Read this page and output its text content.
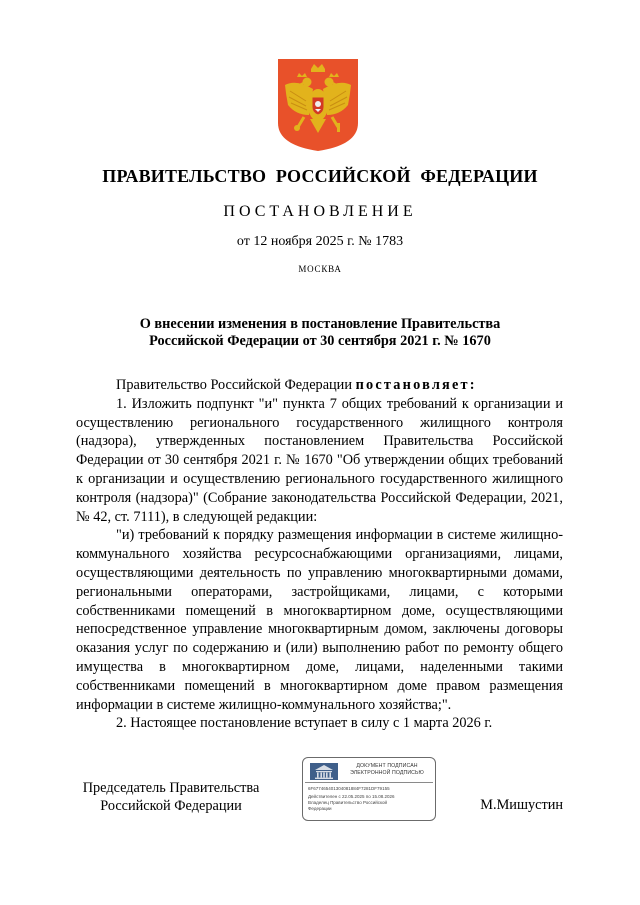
ПРАВИТЕЛЬСТВО РОССИЙСКОЙ ФЕДЕРАЦИИ
ПОСТАНОВЛЕНИЕ
от 12 ноября 2025 г. № 1783
МОСКВА
О внесении изменения в постановление Правительства
Российской Федерации от 30 сентября 2021 г. № 1670

Правительство Российской Федерации постановляет:

1. Изложить подпункт "и" пункта 7 общих требований к организации и осуществлению регионального государственного жилищного контроля (надзора), утвержденных постановлением Правительства Российской Федерации от 30 сентября 2021 г. № 1670 "Об утверждении общих требований к организации и осуществлению регионального государственного жилищного контроля (надзора)" (Собрание законодательства Российской Федерации, 2021, № 42, ст. 7111), в следующей редакции:

"и) требований к порядку размещения информации в системе жилищно-коммунального хозяйства ресурсоснабжающими организациями, лицами, осуществляющими деятельность по управлению многоквартирными домами, региональными операторами, застройщиками, лицами, с которыми собственниками помещений в многоквартирном доме, осуществляющими непосредственное управление многоквартирным домом, заключены договоры оказания услуг по содержанию и (или) выполнению работ по ремонту общего имущества в многоквартирном доме, лицами, наделенными такими собственниками помещений в многоквартирном доме правом размещения информации в системе жилищно-коммунального хозяйства;".

2. Настоящее постановление вступает в силу с 1 марта 2026 г.

Председатель Правительства
Российской Федерации
ДОКУМЕНТ ПОДПИСАН
ЭЛЕКТРОННОЙ ПОДПИСЬЮ
6F677465401304081884F7281DF79155
Действителен с 22.05.2025 по 15.08.2026
Владелец Правительство Российской
Федерации	М.Мишустин
